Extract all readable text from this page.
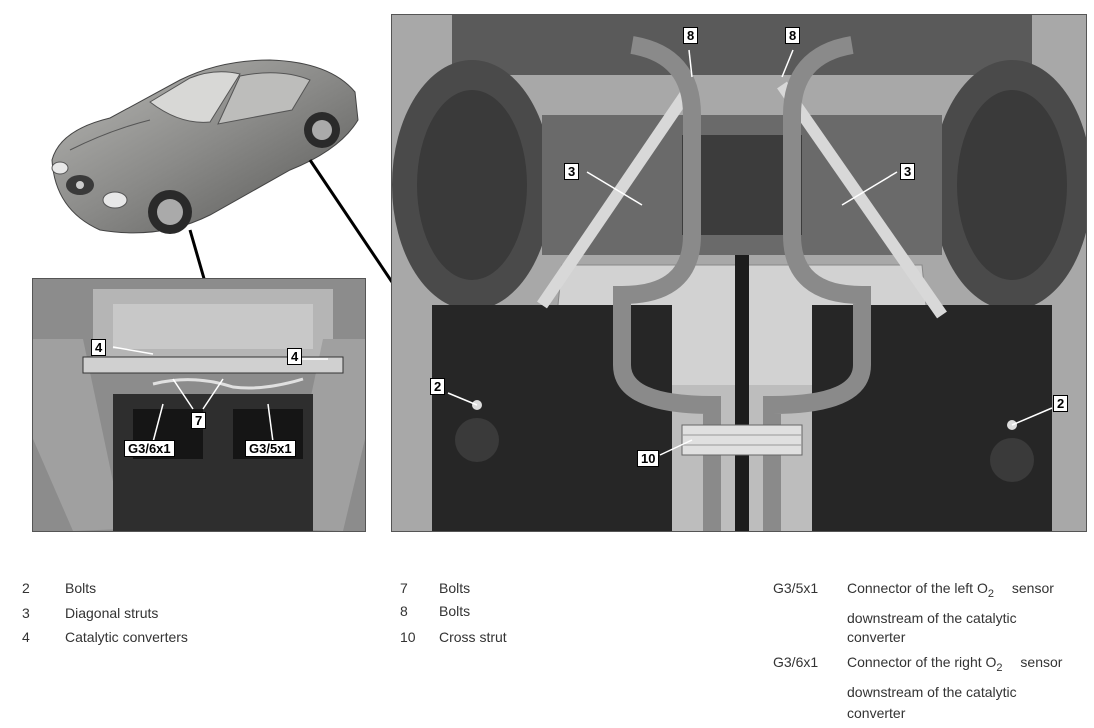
4
4
7
G3/6x1	G3/5x1
8	8
3	3
2
2
10
2	Bolts
3	Diagonal struts
4	Catalytic converters
7 Bolts
8 Bolts
10 Cross strut
G3/5x1 Connector of the left $O_2$ sensor
downstream of the catalytic
converter
G3/6x1 Connector of the right $O_2$ sensor
downstream of the catalytic
converter
